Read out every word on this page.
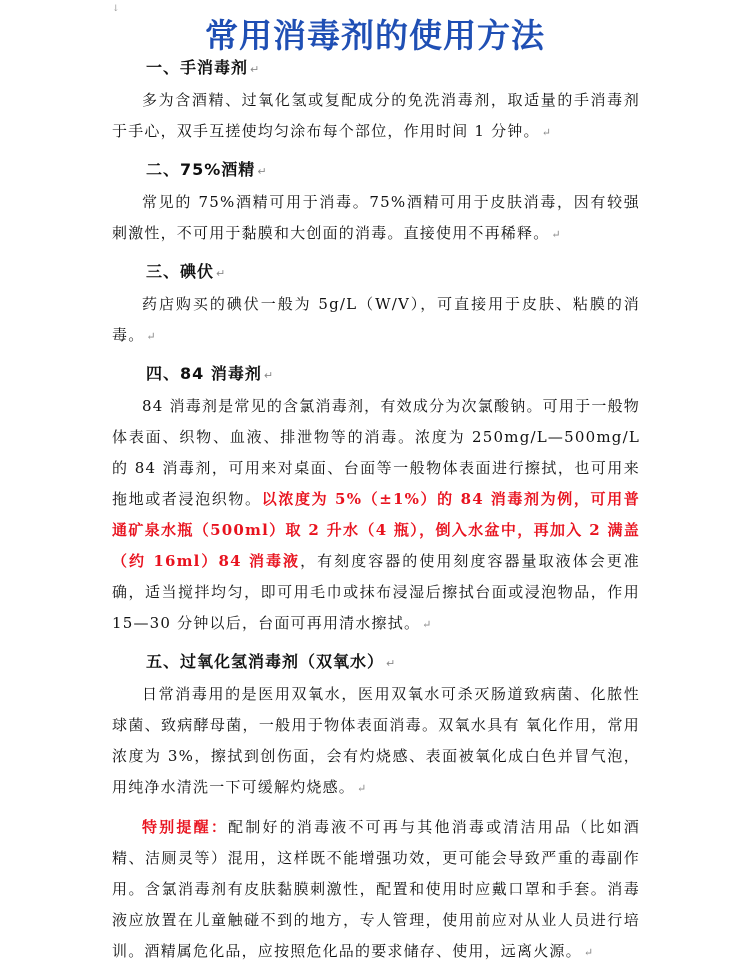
↓
常用消毒剂的使用方法
一、手消毒剂 ↵

多为含酒精、过氧化氢或复配成分的免洗消毒剂，取适量的手消毒剂于手心，双手互搓使均匀涂布每个部位，作用时间 1 分钟。 ↵

二、75%酒精 ↵

常见的 75%酒精可用于消毒。75%酒精可用于皮肤消毒，因有较强刺激性，不可用于黏膜和大创面的消毒。直接使用不再稀释。 ↵

三、碘伏 ↵

药店购买的碘伏一般为 5g/L（W/V），可直接用于皮肤、粘膜的消毒。 ↵

四、84 消毒剂 ↵

84 消毒剂是常见的含氯消毒剂，有效成分为次氯酸钠。可用于一般物体表面、织物、血液、排泄物等的消毒。浓度为 250mg/L—500mg/L 的 84 消毒剂，可用来对桌面、台面等一般物体表面进行擦拭，也可用来拖地或者浸泡织物。以浓度为 5%（±1%）的 84 消毒剂为例，可用普通矿泉水瓶（500ml）取 2 升水（4 瓶），倒入水盆中，再加入 2 满盖（约 16ml）84 消毒液，有刻度容器的使用刻度容器量取液体会更准确，适当搅拌均匀，即可用毛巾或抹布浸湿后擦拭台面或浸泡物品，作用 15—30 分钟以后，台面可再用清水擦拭。 ↵

五、过氧化氢消毒剂（双氧水） ↵

日常消毒用的是医用双氧水，医用双氧水可杀灭肠道致病菌、化脓性球菌、致病酵母菌，一般用于物体表面消毒。双氧水具有 氧化作用，常用浓度为 3%，擦拭到创伤面，会有灼烧感、表面被氧化成白色并冒气泡，用纯净水清洗一下可缓解灼烧感。 ↵

特别提醒：配制好的消毒液不可再与其他消毒或清洁用品（比如酒精、洁厕灵等）混用，这样既不能增强功效，更可能会导致严重的毒副作用。含氯消毒剂有皮肤黏膜刺激性，配置和使用时应戴口罩和手套。消毒液应放置在儿童触碰不到的地方，专人管理，使用前应对从业人员进行培训。酒精属危化品，应按照危化品的要求储存、使用，远离火源。 ↵
